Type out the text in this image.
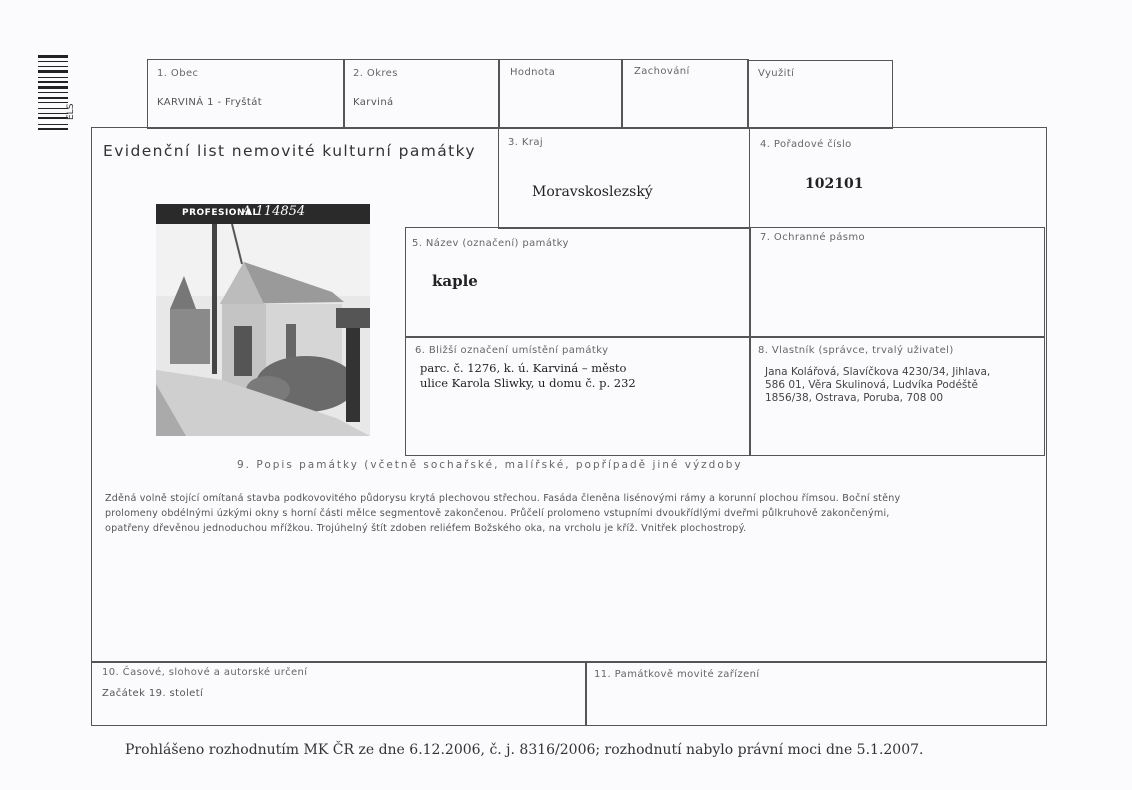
ELS
1. Obec
KARVINÁ 1 - Fryštát
2. Okres
Karviná
Hodnota	Zachování	Využití
Evidenční list nemovité kulturní památky	3. Kraj
Moravskoslezský
4. Pořadové číslo
102101
5. Název (označení) památky
kaple
7. Ochranné pásmo
6. Bližší označení umístění památky
parc. č. 1276, k. ú. Karviná – město
ulice Karola Sliwky, u domu č. p. 232
8. Vlastník (správce, trvalý uživatel)
Jana Kolářová, Slavíčkova 4230/34, Jihlava,
586 01, Věra Skulinová, Ludvíka Podéště
1856/38, Ostrava, Poruba, 708 00
PROFESIONAL
A 114854
9. Popis památky (včetně sochařské, malířské, popřípadě jiné výzdoby
Zděná volně stojící omítaná stavba podkovovitého půdorysu krytá plechovou střechou. Fasáda členěna lisénovými rámy a korunní plochou římsou. Boční stěny
prolomeny obdélnými úzkými okny s horní části mělce segmentově zakončenou. Průčelí prolomeno vstupními dvoukřídlými dveřmi půlkruhově zakončenými,
opatřeny dřevěnou jednoduchou mřížkou. Trojúhelný štít zdoben reliéfem Božského oka, na vrcholu je kříž. Vnitřek plochostropý.
10. Časové, slohové a autorské určení
Začátek 19. století
11. Památkově movité zařízení
Prohlášeno rozhodnutím MK ČR ze dne 6.12.2006, č. j. 8316/2006; rozhodnutí nabylo právní moci dne 5.1.2007.
